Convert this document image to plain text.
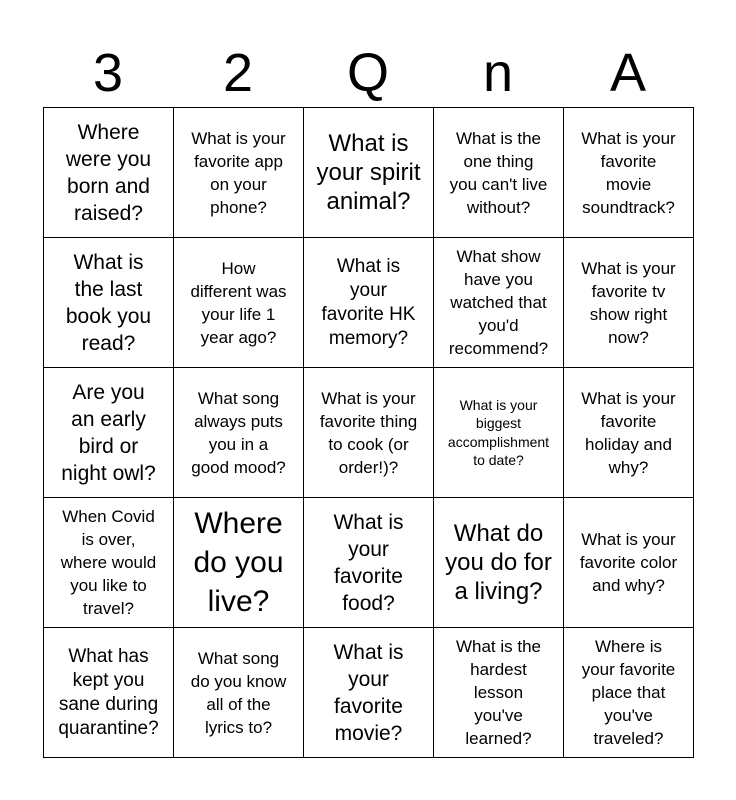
3	2	Q	n	A
Where
were you
born and
raised?
What is your
favorite app
on your
phone?
What is
your spirit
animal?
What is the
one thing
you can't live
without?
What is your
favorite
movie
soundtrack?
What is
the last
book you
read?
How
different was
your life 1
year ago?
What is
your
favorite HK
memory?
What show
have you
watched that
you'd
recommend?
What is your
favorite tv
show right
now?
Are you
an early
bird or
night owl?
What song
always puts
you in a
good mood?
What is your
favorite thing
to cook (or
order!)?
What is your
biggest
accomplishment
to date?
What is your
favorite
holiday and
why?
When Covid
is over,
where would
you like to
travel?
Where
do you
live?
What is
your
favorite
food?
What do
you do for
a living?
What is your
favorite color
and why?
What has
kept you
sane during
quarantine?
What song
do you know
all of the
lyrics to?
What is
your
favorite
movie?
What is the
hardest
lesson
you've
learned?
Where is
your favorite
place that
you've
traveled?
